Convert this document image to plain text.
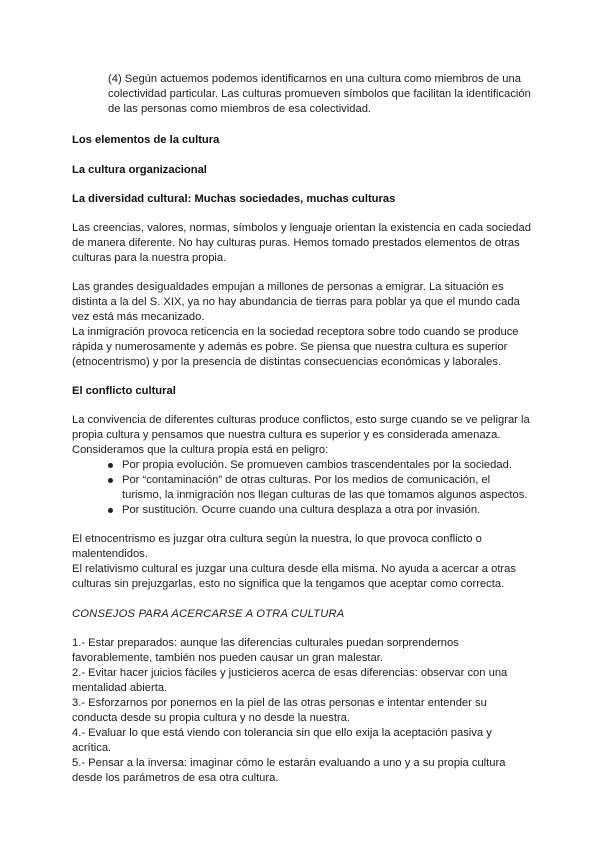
(4) Según actuemos podemos identificarnos en una cultura como miembros de una colectividad particular. Las culturas promueven símbolos que facilitan la identificación de las personas como miembros de esa colectividad.

Los elementos de la cultura

La cultura organizacional

La diversidad cultural: Muchas sociedades, muchas culturas

Las creencias, valores, normas, símbolos y lenguaje orientan la existencia en cada sociedad de manera diferente. No hay culturas puras. Hemos tomado prestados elementos de otras culturas para la nuestra propia.

Las grandes desigualdades empujan a millones de personas a emigrar. La situación es distinta a la del S. XIX, ya no hay abundancia de tierras para poblar ya que el mundo cada vez está más mecanizado.

La inmigración provoca reticencia en la sociedad receptora sobre todo cuando se produce rápida y numerosamente y además es pobre. Se piensa que nuestra cultura es superior (etnocentrismo) y por la presencia de distintas consecuencias económicas y laborales.

El conflicto cultural

La convivencia de diferentes culturas produce conflictos, esto surge cuando se ve peligrar la propia cultura y pensamos que nuestra cultura es superior y es considerada amenaza.

Consideramos que la cultura propia está en peligro:

Por propia evolución. Se promueven cambios trascendentales por la sociedad.
Por “contaminación” de otras culturas. Por los medios de comunicación, el turismo, la inmigración nos llegan culturas de las que tomamos algunos aspectos.
Por sustitución. Ocurre cuando una cultura desplaza a otra por invasión.

El etnocentrismo es juzgar otra cultura según la nuestra, lo que provoca conflicto o malentendidos.

El relativismo cultural es juzgar una cultura desde ella misma. No ayuda a acercar a otras culturas sin prejuzgarlas, esto no significa que la tengamos que aceptar como correcta.

CONSEJOS PARA ACERCARSE A OTRA CULTURA

1.- Estar preparados: aunque las diferencias culturales puedan sorprendernos favorablemente, también nos pueden causar un gran malestar.

2.- Evitar hacer juicios fáciles y justicieros acerca de esas diferencias: observar con una mentalidad abierta.

3.- Esforzarnos por ponernos en la piel de las otras personas e intentar entender su conducta desde su propia cultura y no desde la nuestra.

4.- Evaluar lo que está viendo con tolerancia sin que ello exija la aceptación pasiva y acrítica.

5.- Pensar a la inversa: imaginar cómo le estarán evaluando a uno y a su propia cultura desde los parámetros de esa otra cultura.
